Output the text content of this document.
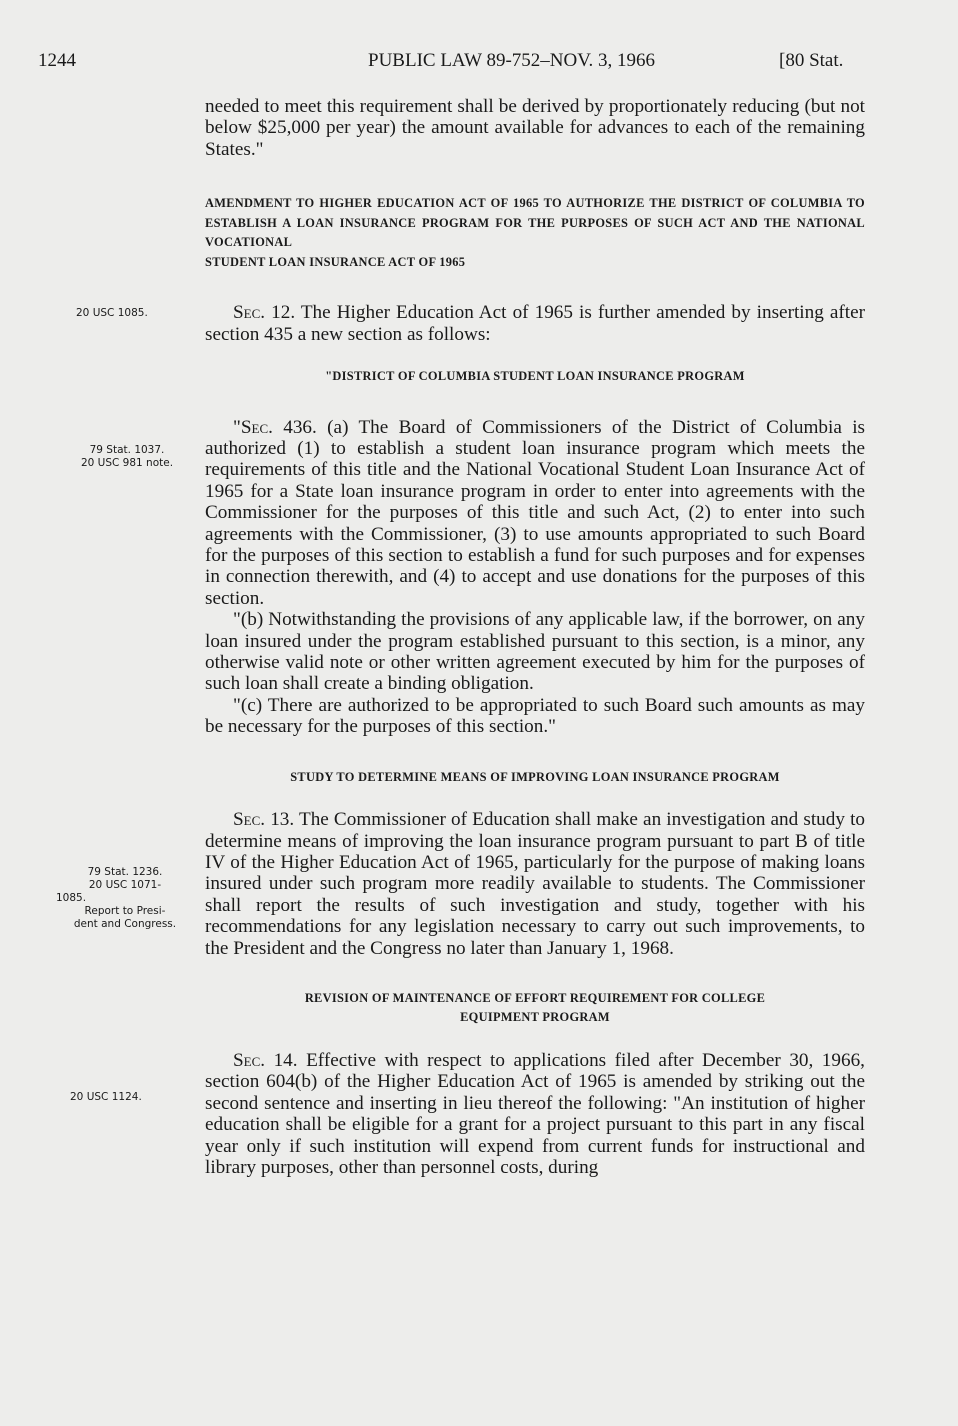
1244	PUBLIC LAW 89-752–NOV. 3, 1966	[80 Stat.
20 USC 1085.
79 Stat. 1037.
20 USC 981 note.
79 Stat. 1236.
20 USC 1071-
1085.
Report to Presi-
dent and Congress.
20 USC 1124.

needed to meet this requirement shall be derived by proportionately reducing (but not below $25,000 per year) the amount available for advances to each of the remaining States."

AMENDMENT TO HIGHER EDUCATION ACT OF 1965 TO AUTHORIZE THE DISTRICT OF COLUMBIA TO ESTABLISH A LOAN INSURANCE PROGRAM FOR THE PURPOSES OF SUCH ACT AND THE NATIONAL VOCATIONAL
STUDENT LOAN INSURANCE ACT OF 1965

Sec. 12. The Higher Education Act of 1965 is further amended by inserting after section 435 a new section as follows:

"DISTRICT OF COLUMBIA STUDENT LOAN INSURANCE PROGRAM

"Sec. 436. (a) The Board of Commissioners of the District of Columbia is authorized (1) to establish a student loan insurance program which meets the requirements of this title and the National Vocational Student Loan Insurance Act of 1965 for a State loan insurance program in order to enter into agreements with the Commissioner for the purposes of this title and such Act, (2) to enter into such agreements with the Commissioner, (3) to use amounts appropriated to such Board for the purposes of this section to establish a fund for such purposes and for expenses in connection therewith, and (4) to accept and use donations for the purposes of this section.

"(b) Notwithstanding the provisions of any applicable law, if the borrower, on any loan insured under the program established pursuant to this section, is a minor, any otherwise valid note or other written agreement executed by him for the purposes of such loan shall create a binding obligation.

"(c) There are authorized to be appropriated to such Board such amounts as may be necessary for the purposes of this section."

STUDY TO DETERMINE MEANS OF IMPROVING LOAN INSURANCE PROGRAM

Sec. 13. The Commissioner of Education shall make an investigation and study to determine means of improving the loan insurance program pursuant to part B of title IV of the Higher Education Act of 1965, particularly for the purpose of making loans insured under such program more readily available to students. The Commissioner shall report the results of such investigation and study, together with his recommendations for any legislation necessary to carry out such improvements, to the President and the Congress no later than January 1, 1968.

REVISION OF MAINTENANCE OF EFFORT REQUIREMENT FOR COLLEGE
EQUIPMENT PROGRAM

Sec. 14. Effective with respect to applications filed after December 30, 1966, section 604(b) of the Higher Education Act of 1965 is amended by striking out the second sentence and inserting in lieu thereof the following: "An institution of higher education shall be eligible for a grant for a project pursuant to this part in any fiscal year only if such institution will expend from current funds for instructional and library purposes, other than personnel costs, during
